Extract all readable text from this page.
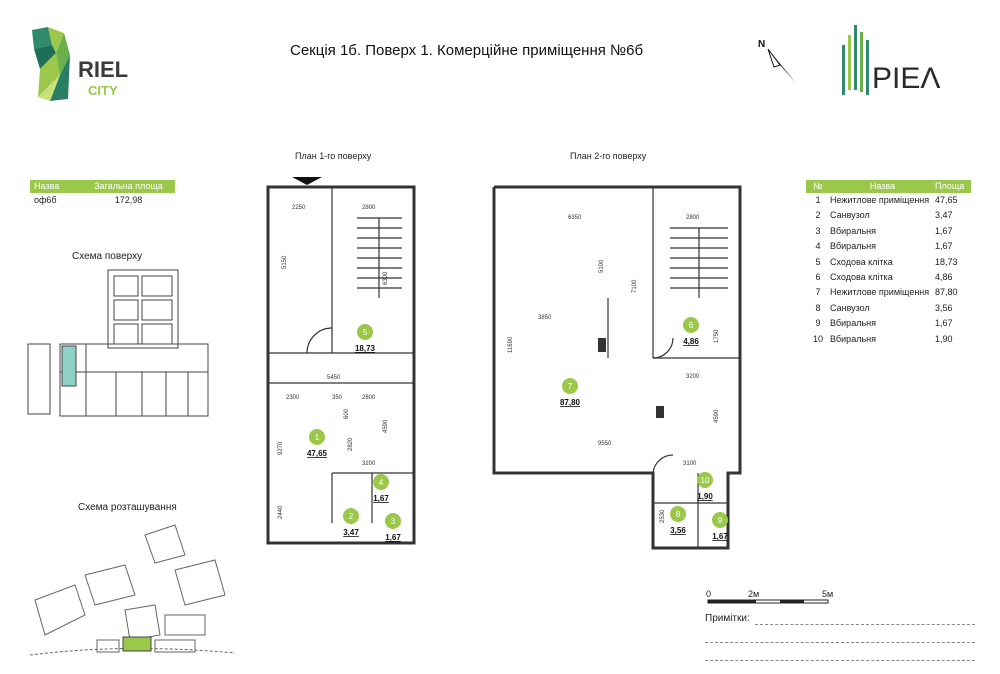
Секція 1б. Поверх 1. Комерційне приміщення №6б
RIEL
CITY
N
PIEΛ
Назва	Загальна площа
оф6б	172,98
Схема поверху
Схема розташування
План 1-го поверху
2250	2800
5150
6300
5450
2300	350	2800
600
9270	2820
4590
3200
2440
5
18,73
1
47,65
4
1,67
2
3,47
3
1,67
План 2-го поверху
6350	2800
5100
7100
11690
3850
1750
3200
4590
9550
3100
2530
6
4,86
7
87,80
10
1,90
8
3,56
9
1,67
№	Назва	Площа
1	Нежитлове приміщення 47,65
2	Санвузол	3,47
3	Вбиральня	1,67
4	Вбиральня	1,67
5	Сходова клітка	18,73
6	Сходова клітка	4,86
7	Нежитлове приміщення 87,80
8	Санвузол	3,56
9	Вбиральня	1,67
10 Вбиральня	1,90
0	2м	5м
Примітки:
